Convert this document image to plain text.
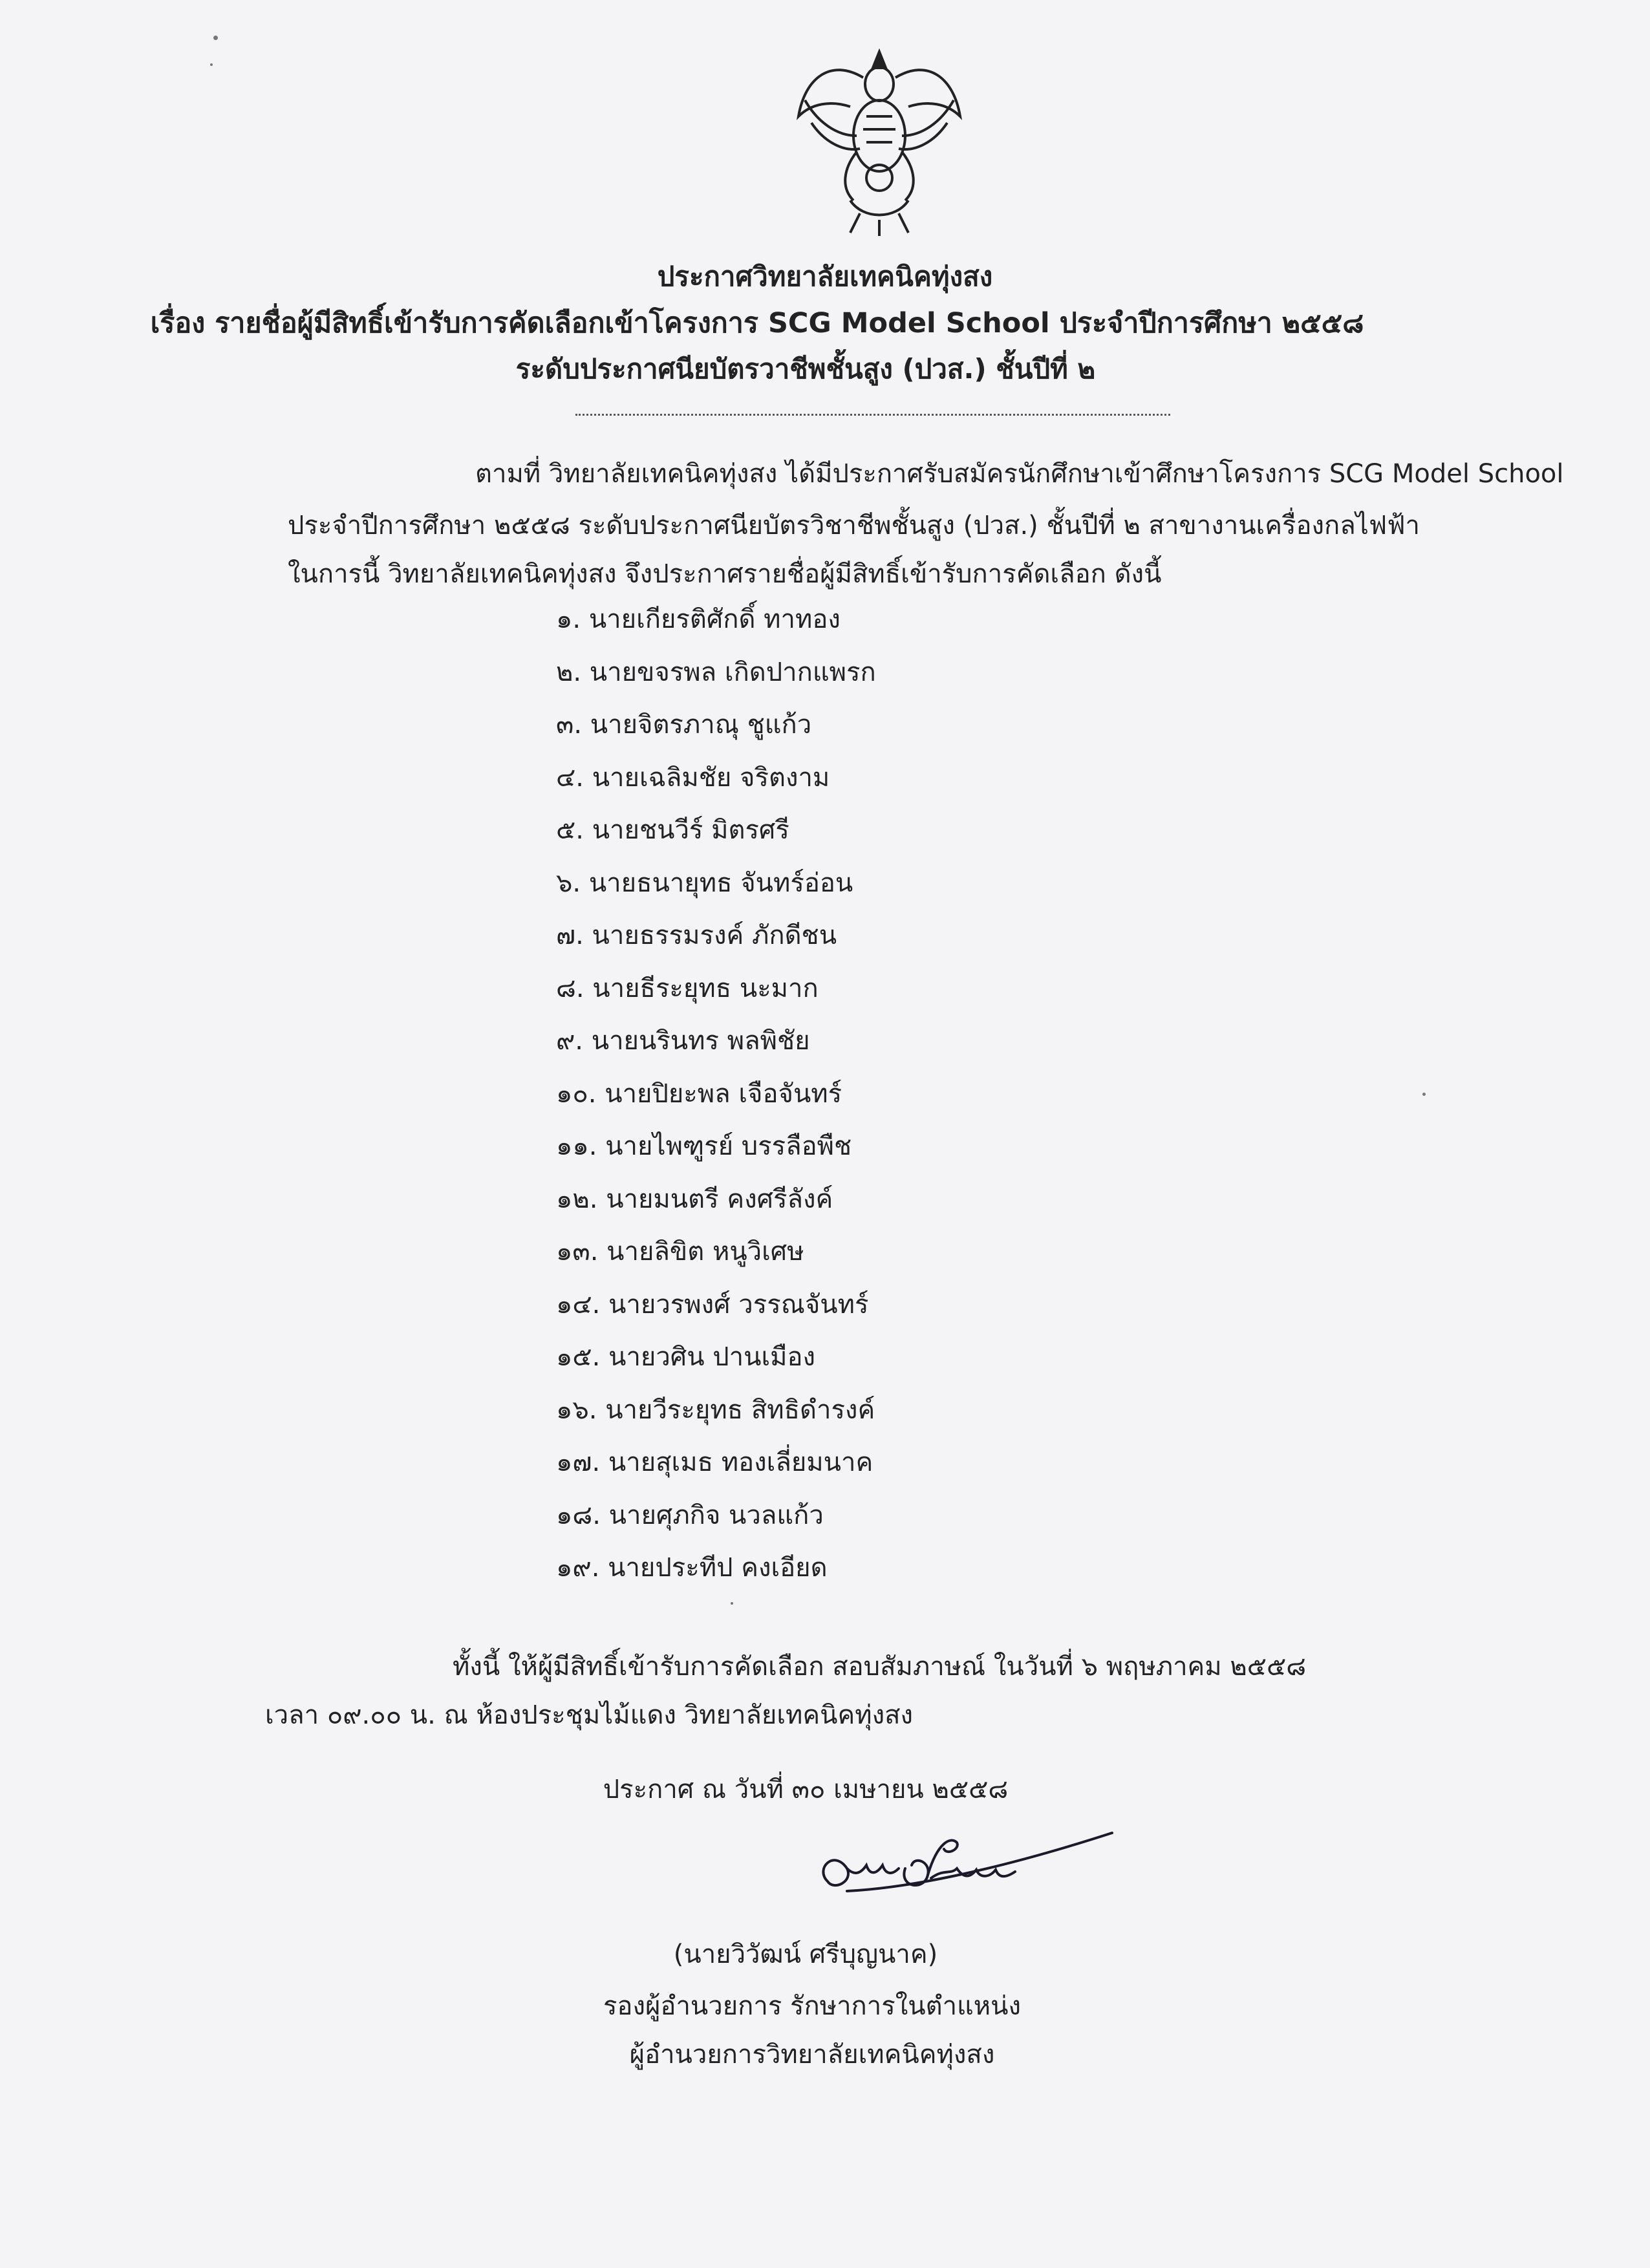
ประกาศวิทยาลัยเทคนิคทุ่งสง
เรื่อง รายชื่อผู้มีสิทธิ์เข้ารับการคัดเลือกเข้าโครงการ SCG Model School ประจำปีการศึกษา ๒๕๕๘
ระดับประกาศนียบัตรวาชีพชั้นสูง (ปวส.) ชั้นปีที่ ๒
ตามที่ วิทยาลัยเทคนิคทุ่งสง ได้มีประกาศรับสมัครนักศึกษาเข้าศึกษาโครงการ SCG Model School
ประจำปีการศึกษา ๒๕๕๘ ระดับประกาศนียบัตรวิชาชีพชั้นสูง (ปวส.) ชั้นปีที่ ๒ สาขางานเครื่องกลไฟฟ้า
ในการนี้ วิทยาลัยเทคนิคทุ่งสง จึงประกาศรายชื่อผู้มีสิทธิ์เข้ารับการคัดเลือก ดังนี้
๑. นายเกียรติศักดิ์ ทาทอง
๒. นายขจรพล เกิดปากแพรก
๓. นายจิตรภาณุ ชูแก้ว
๔. นายเฉลิมชัย จริตงาม
๕. นายชนวีร์ มิตรศรี
๖. นายธนายุทธ จันทร์อ่อน
๗. นายธรรมรงค์ ภักดีชน
๘. นายธีระยุทธ นะมาก
๙. นายนรินทร พลพิชัย
๑๐. นายปิยะพล เจือจันทร์
๑๑. นายไพฑูรย์ บรรลือพืช
๑๒. นายมนตรี คงศรีลังค์
๑๓. นายลิขิต หนูวิเศษ
๑๔. นายวรพงศ์ วรรณจันทร์
๑๕. นายวศิน ปานเมือง
๑๖. นายวีระยุทธ สิทธิดำรงค์
๑๗. นายสุเมธ ทองเลี่ยมนาค
๑๘. นายศุภกิจ นวลแก้ว
๑๙. นายประทีป คงเอียด
ทั้งนี้ ให้ผู้มีสิทธิ์เข้ารับการคัดเลือก สอบสัมภาษณ์ ในวันที่ ๖ พฤษภาคม ๒๕๕๘
เวลา ๐๙.๐๐ น. ณ ห้องประชุมไม้แดง วิทยาลัยเทคนิคทุ่งสง
ประกาศ ณ วันที่ ๓๐ เมษายน ๒๕๕๘
(นายวิวัฒน์ ศรีบุญนาค)
รองผู้อำนวยการ รักษาการในตำแหน่ง
ผู้อำนวยการวิทยาลัยเทคนิคทุ่งสง
